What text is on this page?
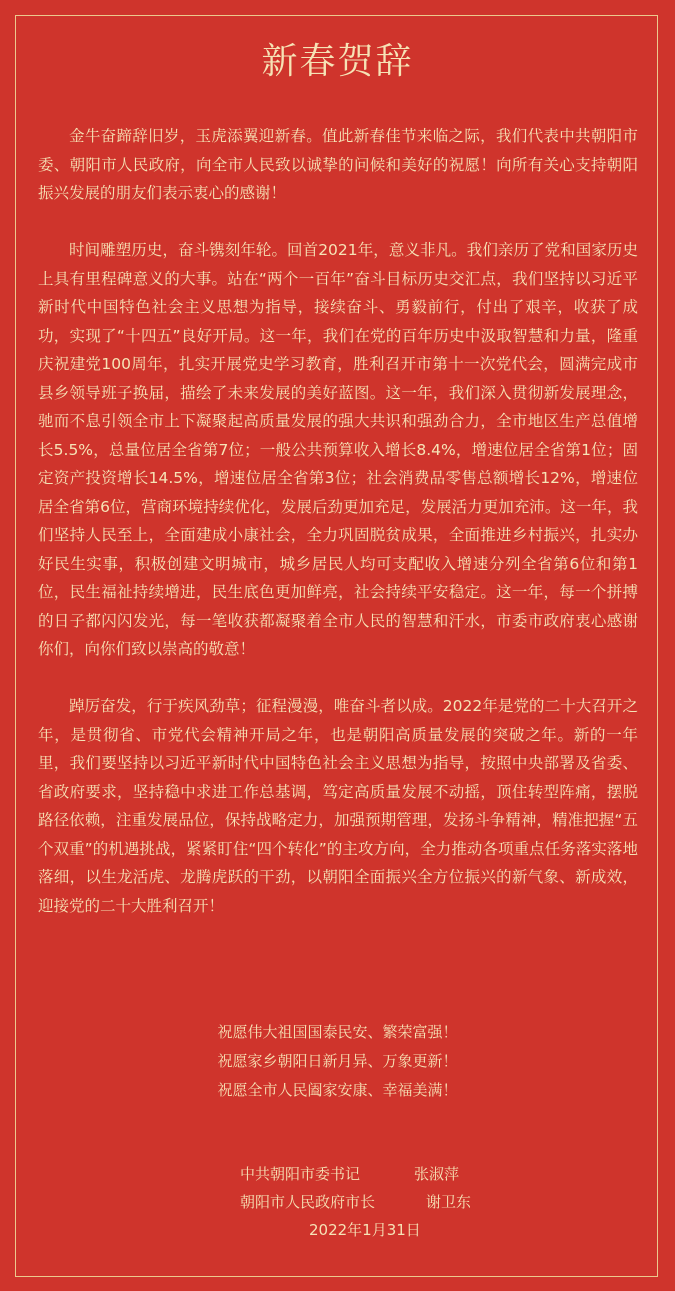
新春贺辞

金牛奋蹄辞旧岁，玉虎添翼迎新春。值此新春佳节来临之际，我们代表中共朝阳市委、朝阳市人民政府，向全市人民致以诚挚的问候和美好的祝愿！向所有关心支持朝阳振兴发展的朋友们表示衷心的感谢！

时间雕塑历史，奋斗镌刻年轮。回首2021年，意义非凡。我们亲历了党和国家历史上具有里程碑意义的大事。站在“两个一百年”奋斗目标历史交汇点，我们坚持以习近平新时代中国特色社会主义思想为指导，接续奋斗、勇毅前行，付出了艰辛，收获了成功，实现了“十四五”良好开局。这一年，我们在党的百年历史中汲取智慧和力量，隆重庆祝建党100周年，扎实开展党史学习教育，胜利召开市第十一次党代会，圆满完成市县乡领导班子换届，描绘了未来发展的美好蓝图。这一年，我们深入贯彻新发展理念，驰而不息引领全市上下凝聚起高质量发展的强大共识和强劲合力，全市地区生产总值增长5.5%，总量位居全省第7位；一般公共预算收入增长8.4%，增速位居全省第1位；固定资产投资增长14.5%，增速位居全省第3位；社会消费品零售总额增长12%，增速位居全省第6位，营商环境持续优化，发展后劲更加充足，发展活力更加充沛。这一年，我们坚持人民至上，全面建成小康社会，全力巩固脱贫成果，全面推进乡村振兴，扎实办好民生实事，积极创建文明城市，城乡居民人均可支配收入增速分列全省第6位和第1位，民生福祉持续增进，民生底色更加鲜亮，社会持续平安稳定。这一年，每一个拼搏的日子都闪闪发光，每一笔收获都凝聚着全市人民的智慧和汗水，市委市政府衷心感谢你们，向你们致以崇高的敬意！

踔厉奋发，行于疾风劲草；征程漫漫，唯奋斗者以成。2022年是党的二十大召开之年，是贯彻省、市党代会精神开局之年，也是朝阳高质量发展的突破之年。新的一年里，我们要坚持以习近平新时代中国特色社会主义思想为指导，按照中央部署及省委、省政府要求，坚持稳中求进工作总基调，笃定高质量发展不动摇，顶住转型阵痛，摆脱路径依赖，注重发展品位，保持战略定力，加强预期管理，发扬斗争精神，精准把握“五个双重”的机遇挑战，紧紧盯住“四个转化”的主攻方向，全力推动各项重点任务落实落地落细，以生龙活虎、龙腾虎跃的干劲，以朝阳全面振兴全方位振兴的新气象、新成效，迎接党的二十大胜利召开！

祝愿伟大祖国国泰民安、繁荣富强！
祝愿家乡朝阳日新月异、万象更新！
祝愿全市人民阖家安康、幸福美满！
中共朝阳市委书记	张淑萍
朝阳市人民政府市长	谢卫东
2022年1月31日
